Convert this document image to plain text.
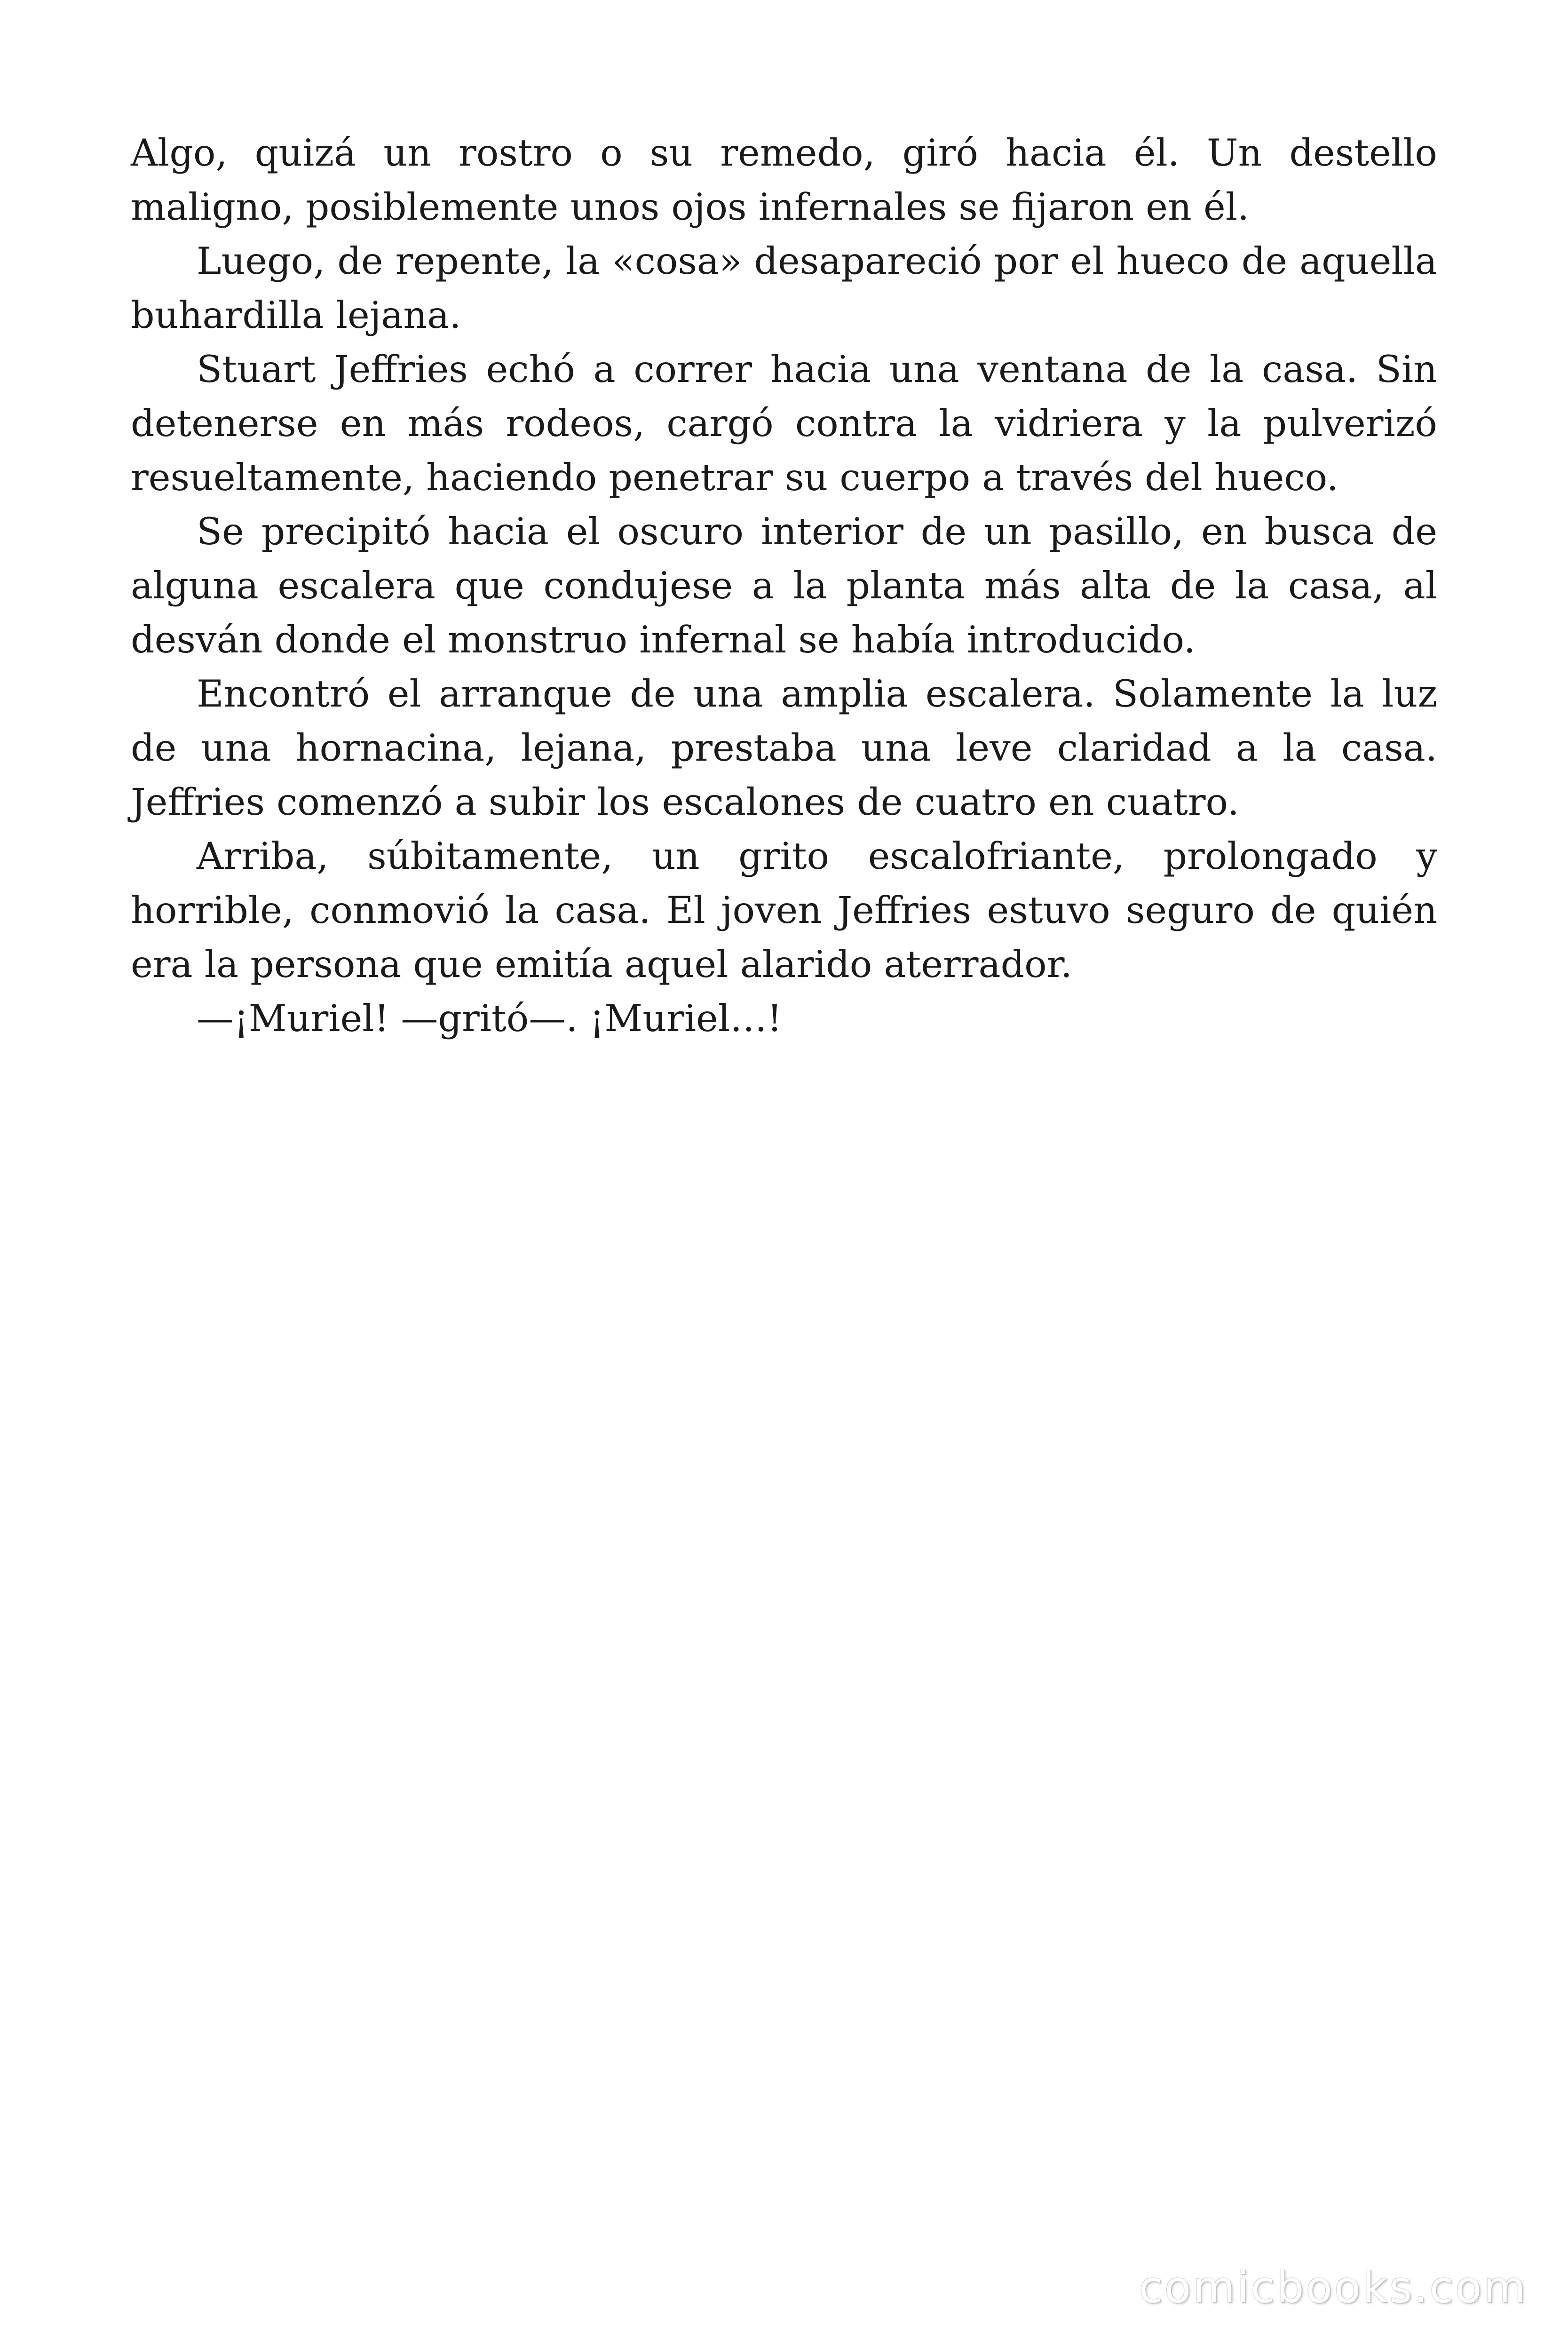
Algo, quizá un rostro o su remedo, giró hacia él. Un destello maligno, posiblemente unos ojos infernales se fijaron en él.

Luego, de repente, la «cosa» desapareció por el hueco de aquella buhardilla lejana.

Stuart Jeffries echó a correr hacia una ventana de la casa. Sin detenerse en más rodeos, cargó contra la vidriera y la pulverizó resueltamente, haciendo penetrar su cuerpo a través del hueco.

Se precipitó hacia el oscuro interior de un pasillo, en busca de alguna escalera que condujese a la planta más alta de la casa, al desván donde el monstruo infernal se había introducido.

Encontró el arranque de una amplia escalera. Solamente la luz de una hornacina, lejana, prestaba una leve claridad a la casa. Jeffries comenzó a subir los escalones de cuatro en cuatro.

Arriba, súbitamente, un grito escalofriante, prolongado y horrible, conmovió la casa. El joven Jeffries estuvo seguro de quién era la persona que emitía aquel alarido aterrador.

—¡Muriel! —gritó—. ¡Muriel…!

comicbooks.com
